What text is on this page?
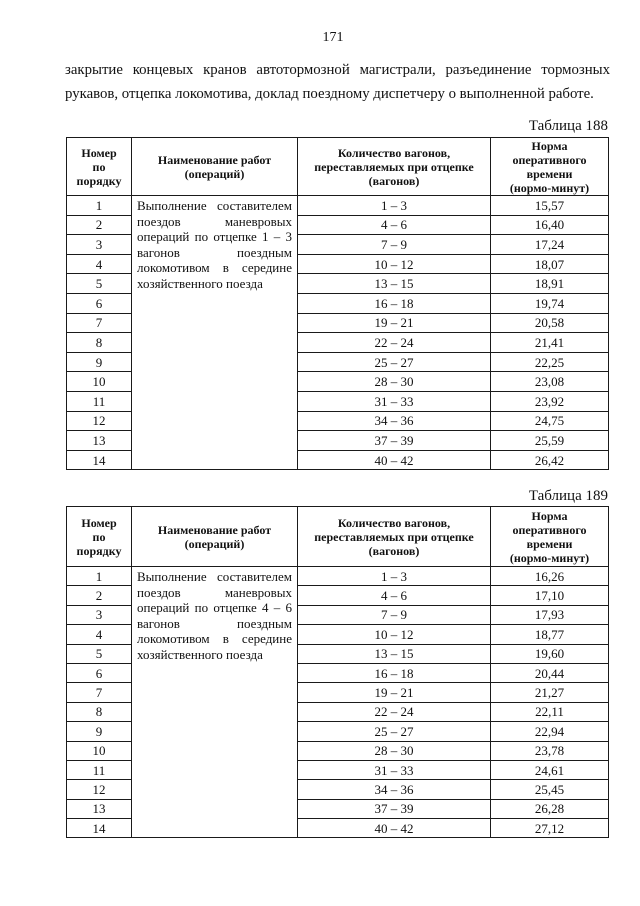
171

закрытие концевых кранов автотормозной магистрали, разъединение тормозных рукавов, отцепка локомотива, доклад поездному диспетчеру о выполненной работе.

Таблица 188
Номер по порядку	Наименование работ (операций)	Количество вагонов, переставляемых при отцепке (вагонов)	Норма оперативного времени (нормо-минут)
1	Выполнение составителем поездов маневровых операций по отцепке 1 – 3 вагонов поездным локомотивом в середине хозяйственного поезда	1 – 3	15,57
2		4 – 6	16,40
3		7 – 9	17,24
4		10 – 12	18,07
5		13 – 15	18,91
6		16 – 18	19,74
7		19 – 21	20,58
8		22 – 24	21,41
9		25 – 27	22,25
10		28 – 30	23,08
11		31 – 33	23,92
12		34 – 36	24,75
13		37 – 39	25,59
14		40 – 42	26,42
Таблица 189
Номер по порядку	Наименование работ (операций)	Количество вагонов, переставляемых при отцепке (вагонов)	Норма оперативного времени (нормо-минут)
1	Выполнение составителем поездов маневровых операций по отцепке 4 – 6 вагонов поездным локомотивом в середине хозяйственного поезда	1 – 3	16,26
2		4 – 6	17,10
3		7 – 9	17,93
4		10 – 12	18,77
5		13 – 15	19,60
6		16 – 18	20,44
7		19 – 21	21,27
8		22 – 24	22,11
9		25 – 27	22,94
10		28 – 30	23,78
11		31 – 33	24,61
12		34 – 36	25,45
13		37 – 39	26,28
14		40 – 42	27,12
